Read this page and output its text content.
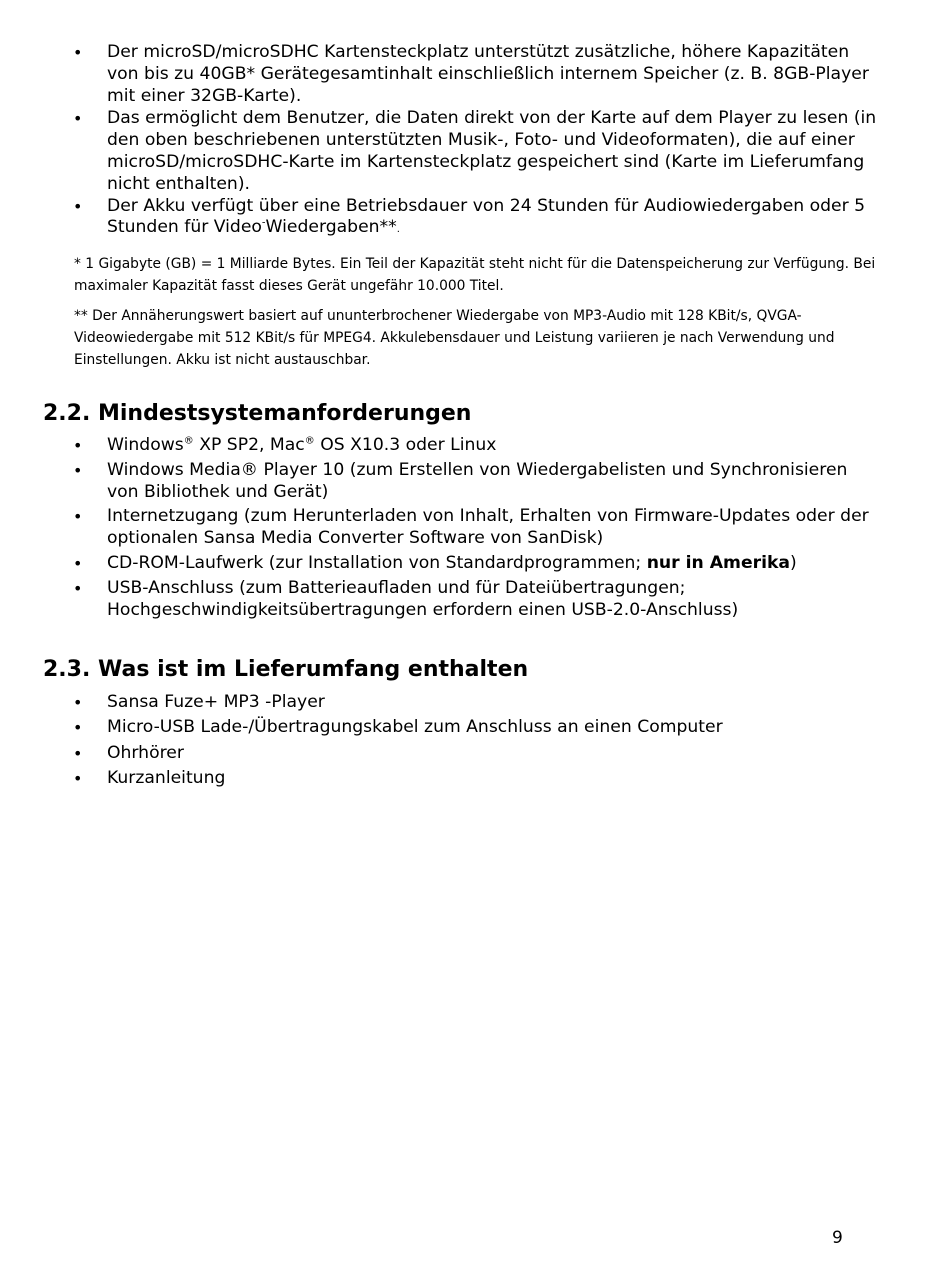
• Der microSD/microSDHC Kartensteckplatz unterstützt zusätzliche, höhere Kapazitäten von bis zu 40GB* Gerätegesamtinhalt einschließlich internem Speicher (z. B. 8GB-Player mit einer 32GB-Karte).
• Das ermöglicht dem Benutzer, die Daten direkt von der Karte auf dem Player zu lesen (in den oben beschriebenen unterstützten Musik-, Foto- und Videoformaten), die auf einer microSD/microSDHC-Karte im Kartensteckplatz gespeichert sind (Karte im Lieferumfang nicht enthalten).
• Der Akku verfügt über eine Betriebsdauer von 24 Stunden für Audiowiedergaben oder 5 Stunden für Video-Wiedergaben**.

* 1 Gigabyte (GB) = 1 Milliarde Bytes. Ein Teil der Kapazität steht nicht für die Datenspeicherung zur Verfügung. Bei maximaler Kapazität fasst dieses Gerät ungefähr 10.000 Titel.

** Der Annäherungswert basiert auf ununterbrochener Wiedergabe von MP3-Audio mit 128 KBit/s, QVGA-Videowiedergabe mit 512 KBit/s für MPEG4. Akkulebensdauer und Leistung variieren je nach Verwendung und Einstellungen. Akku ist nicht austauschbar.

2.2. Mindestsystemanforderungen
• Windows® XP SP2, Mac® OS X10.3 oder Linux
• Windows Media® Player 10 (zum Erstellen von Wiedergabelisten und Synchronisieren von Bibliothek und Gerät)
• Internetzugang (zum Herunterladen von Inhalt, Erhalten von Firmware-Updates oder der optionalen Sansa Media Converter Software von SanDisk)
• CD-ROM-Laufwerk (zur Installation von Standardprogrammen; nur in Amerika)
• USB-Anschluss (zum Batterieaufladen und für Dateiübertragungen; Hochgeschwindigkeitsübertragungen erfordern einen USB-2.0-Anschluss)
2.3. Was ist im Lieferumfang enthalten
• Sansa Fuze+ MP3 -Player
• Micro-USB Lade-/Übertragungskabel zum Anschluss an einen Computer
• Ohrhörer
• Kurzanleitung
9
